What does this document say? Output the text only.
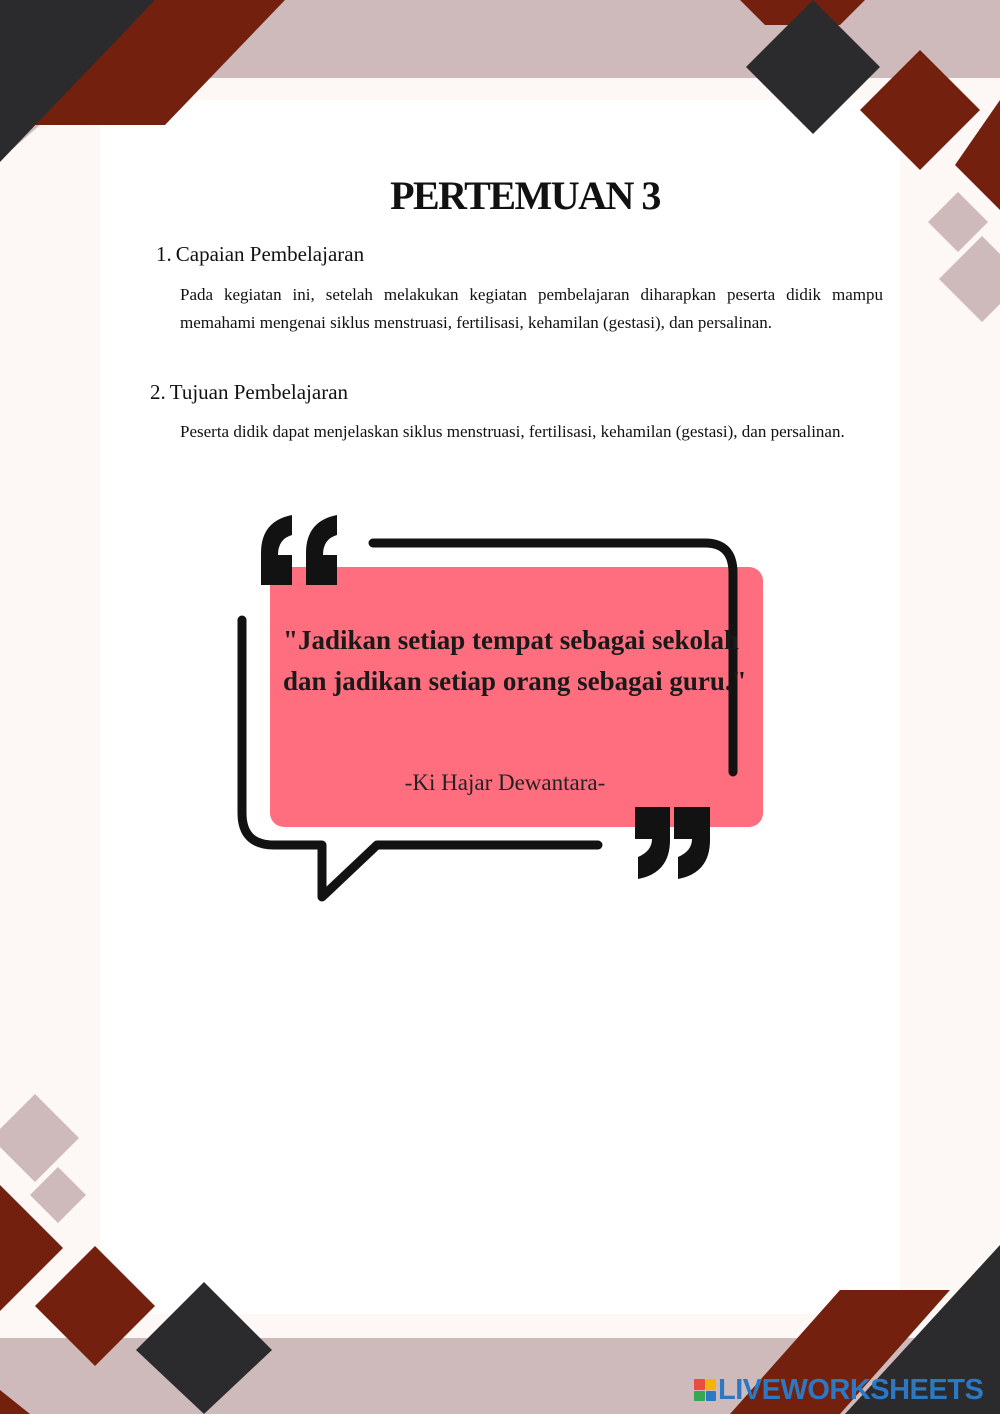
PERTEMUAN 3
1. Capaian Pembelajaran

Pada kegiatan ini, setelah melakukan kegiatan pembelajaran diharapkan peserta didik mampu memahami mengenai siklus menstruasi, fertilisasi, kehamilan (gestasi), dan persalinan.

2. Tujuan Pembelajaran

Peserta didik dapat menjelaskan siklus menstruasi, fertilisasi, kehamilan (gestasi), dan persalinan.

"Jadikan setiap tempat sebagai sekolah dan jadikan setiap orang sebagai guru."

-Ki Hajar Dewantara-

LIVEWORKSHEETS
